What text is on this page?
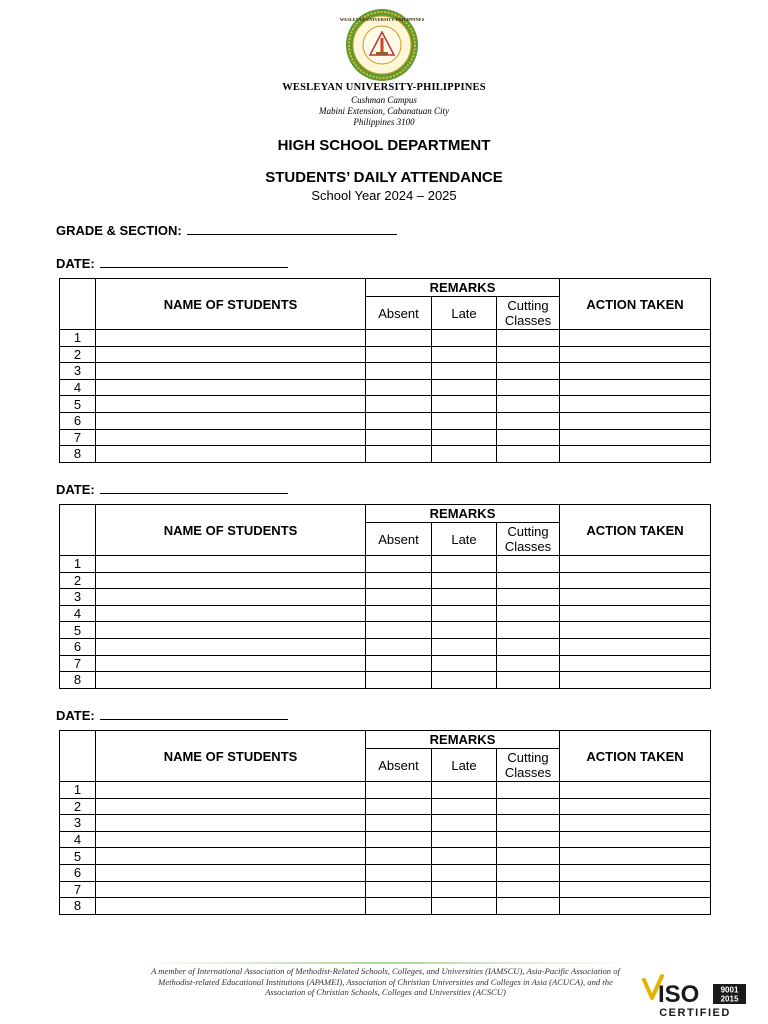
WESLEYAN UNIVERSITY-PHILIPPINES
WESLEYAN UNIVERSITY-PHILIPPINES
Cushman Campus
Mabini Extension, Cabanatuan City
Philippines 3100
HIGH SCHOOL DEPARTMENT
STUDENTS’ DAILY ATTENDANCE
School Year 2024 – 2025
GRADE & SECTION:
DATE:
	NAME OF STUDENTS	REMARKS			ACTION TAKEN
		Absent	Late	Cutting
Classes	
1					
2					
3					
4					
5					
6					
7					
8					
DATE:
	NAME OF STUDENTS	REMARKS			ACTION TAKEN
		Absent	Late	Cutting
Classes	
1					
2					
3					
4					
5					
6					
7					
8					
DATE:
	NAME OF STUDENTS	REMARKS			ACTION TAKEN
		Absent	Late	Cutting
Classes	
1					
2					
3					
4					
5					
6					
7					
8					
A member of International Association of Methodist-Related Schools, Colleges, and Universities (IAMSCU), Asia-Pacific Association of Methodist-related Educational Institutions (APAMEI), Association of Christian Universities and Colleges in Asia (ACUCA), and the Association of Christian Schools, Colleges and Universities (ACSCU)	ISO	9001
2015
CERTIFIED
